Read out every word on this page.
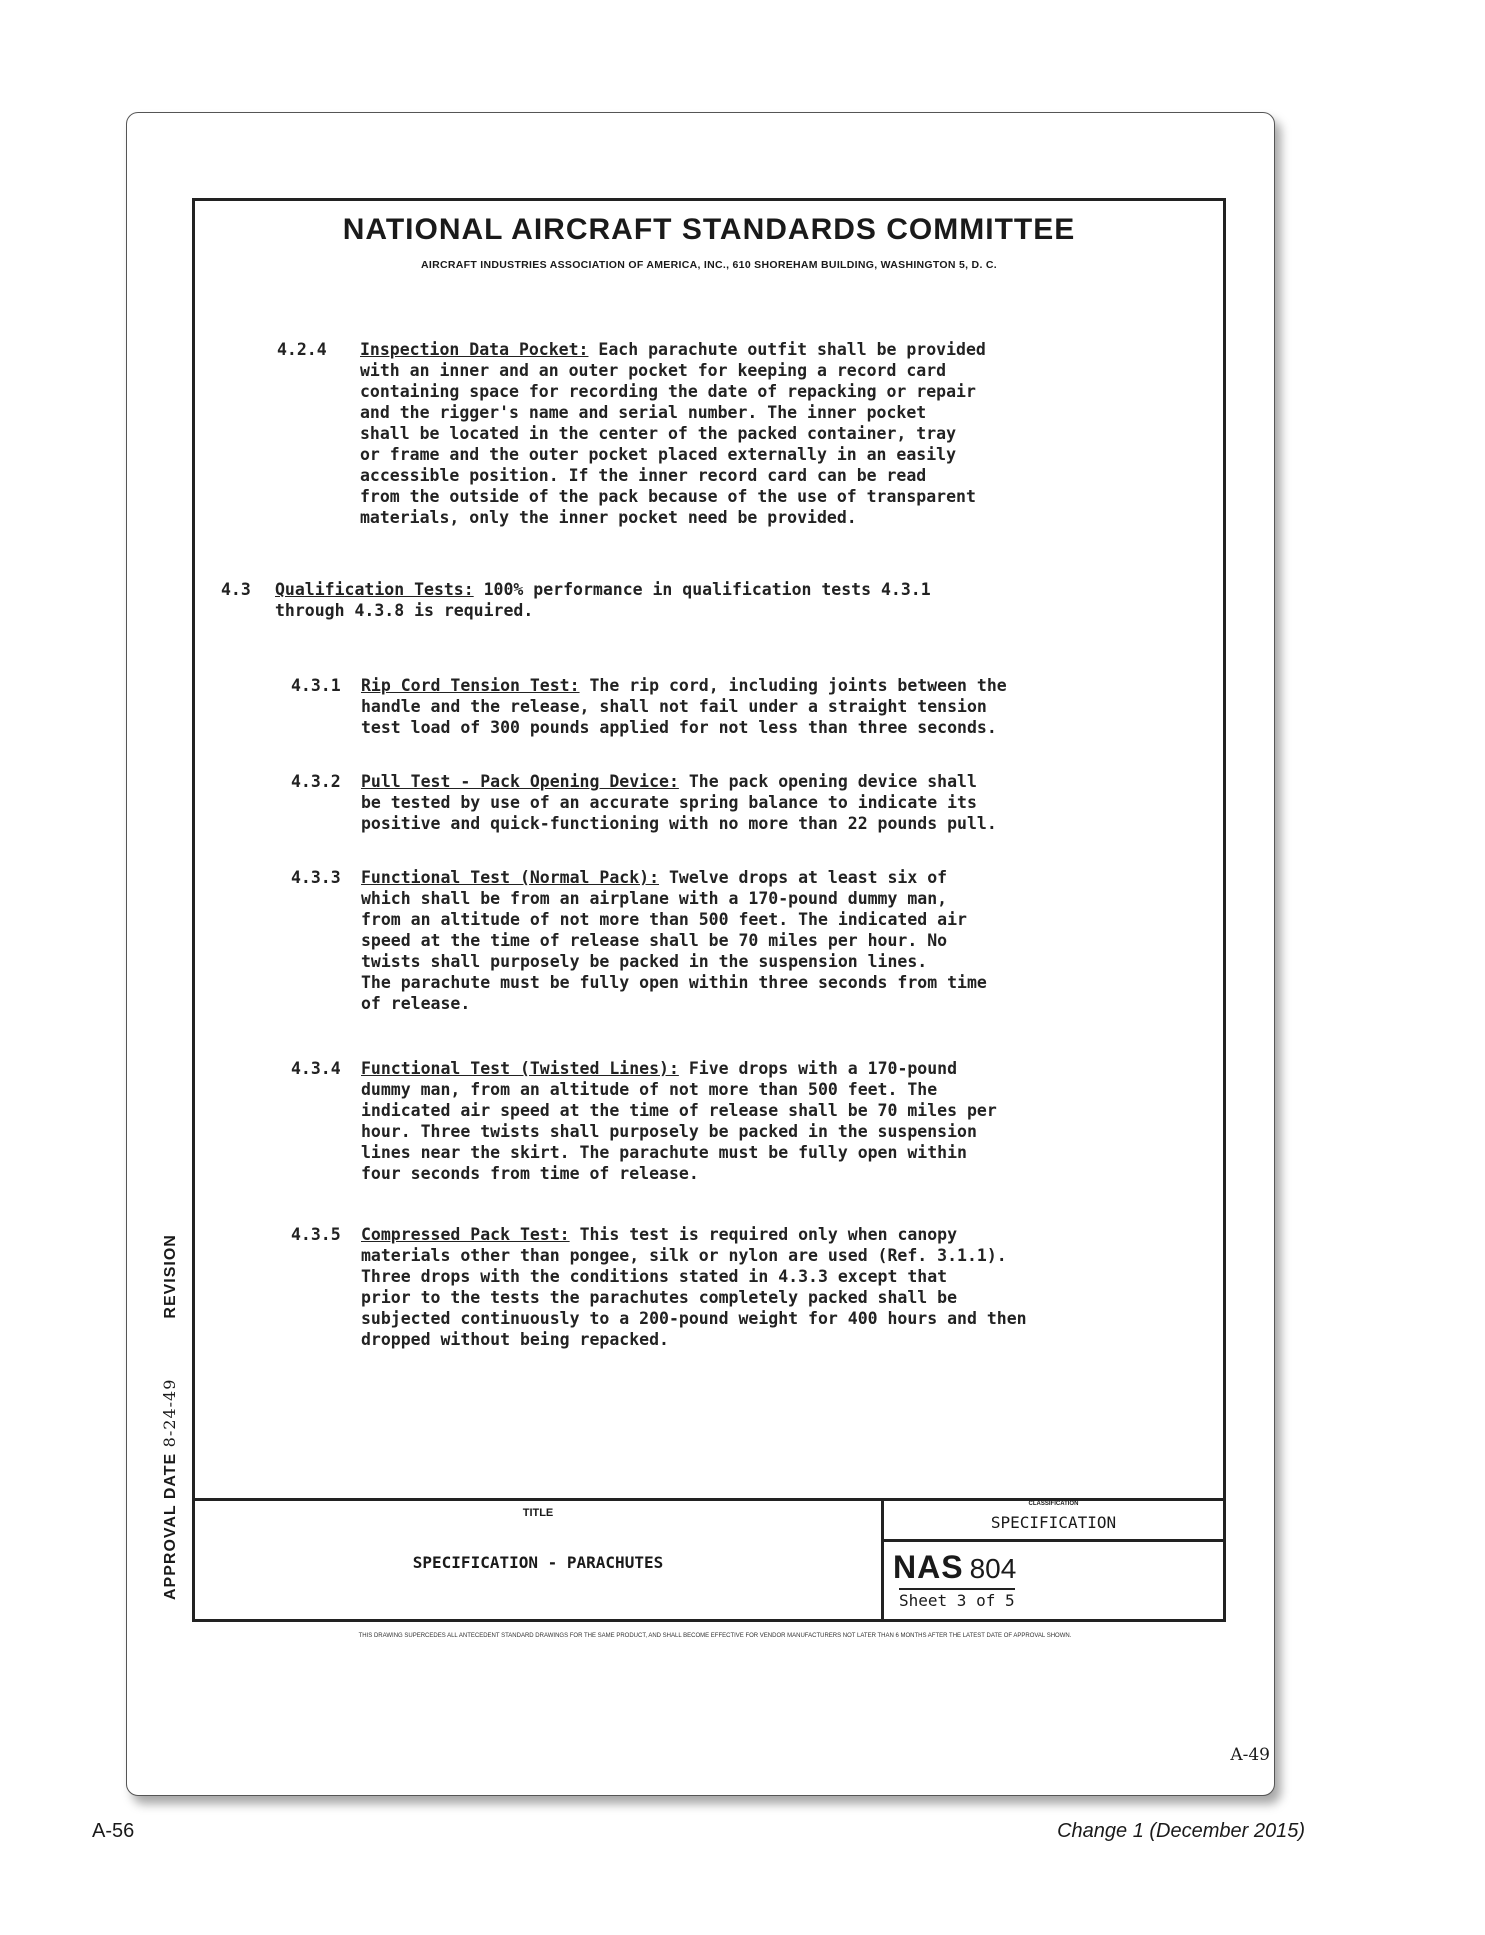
NATIONAL AIRCRAFT STANDARDS COMMITTEE
AIRCRAFT INDUSTRIES ASSOCIATION OF AMERICA, INC., 610 SHOREHAM BUILDING, WASHINGTON 5, D. C.
4.2.4 Inspection Data Pocket: Each parachute outfit shall be provided
with an inner and an outer pocket for keeping a record card
containing space for recording the date of repacking or repair
and the rigger's name and serial number. The inner pocket
shall be located in the center of the packed container, tray
or frame and the outer pocket placed externally in an easily
accessible position. If the inner record card can be read
from the outside of the pack because of the use of transparent
materials, only the inner pocket need be provided.
4.3 Qualification Tests: 100% performance in qualification tests 4.3.1
through 4.3.8 is required.
4.3.1 Rip Cord Tension Test: The rip cord, including joints between the
handle and the release, shall not fail under a straight tension
test load of 300 pounds applied for not less than three seconds.
4.3.2 Pull Test - Pack Opening Device: The pack opening device shall
be tested by use of an accurate spring balance to indicate its
positive and quick-functioning with no more than 22 pounds pull.
4.3.3 Functional Test (Normal Pack): Twelve drops at least six of
which shall be from an airplane with a 170-pound dummy man,
from an altitude of not more than 500 feet. The indicated air
speed at the time of release shall be 70 miles per hour. No
twists shall purposely be packed in the suspension lines.
The parachute must be fully open within three seconds from time
of release.
4.3.4 Functional Test (Twisted Lines): Five drops with a 170-pound
dummy man, from an altitude of not more than 500 feet. The
indicated air speed at the time of release shall be 70 miles per
hour. Three twists shall purposely be packed in the suspension
lines near the skirt. The parachute must be fully open within
four seconds from time of release.
4.3.5 Compressed Pack Test: This test is required only when canopy
materials other than pongee, silk or nylon are used (Ref. 3.1.1).
Three drops with the conditions stated in 4.3.3 except that
prior to the tests the parachutes completely packed shall be
subjected continuously to a 200-pound weight for 400 hours and then
dropped without being repacked.
TITLE
SPECIFICATION - PARACHUTES
CLASSIFICATION
SPECIFICATION
NAS 804
Sheet 3 of 5
THIS DRAWING SUPERCEDES ALL ANTECEDENT STANDARD DRAWINGS FOR THE SAME PRODUCT, AND SHALL BECOME EFFECTIVE FOR VENDOR MANUFACTURERS NOT LATER THAN 6 MONTHS AFTER THE LATEST DATE OF APPROVAL SHOWN.
APPROVAL DATE 8-24-49REVISION
A-49
A-56	Change 1 (December 2015)
